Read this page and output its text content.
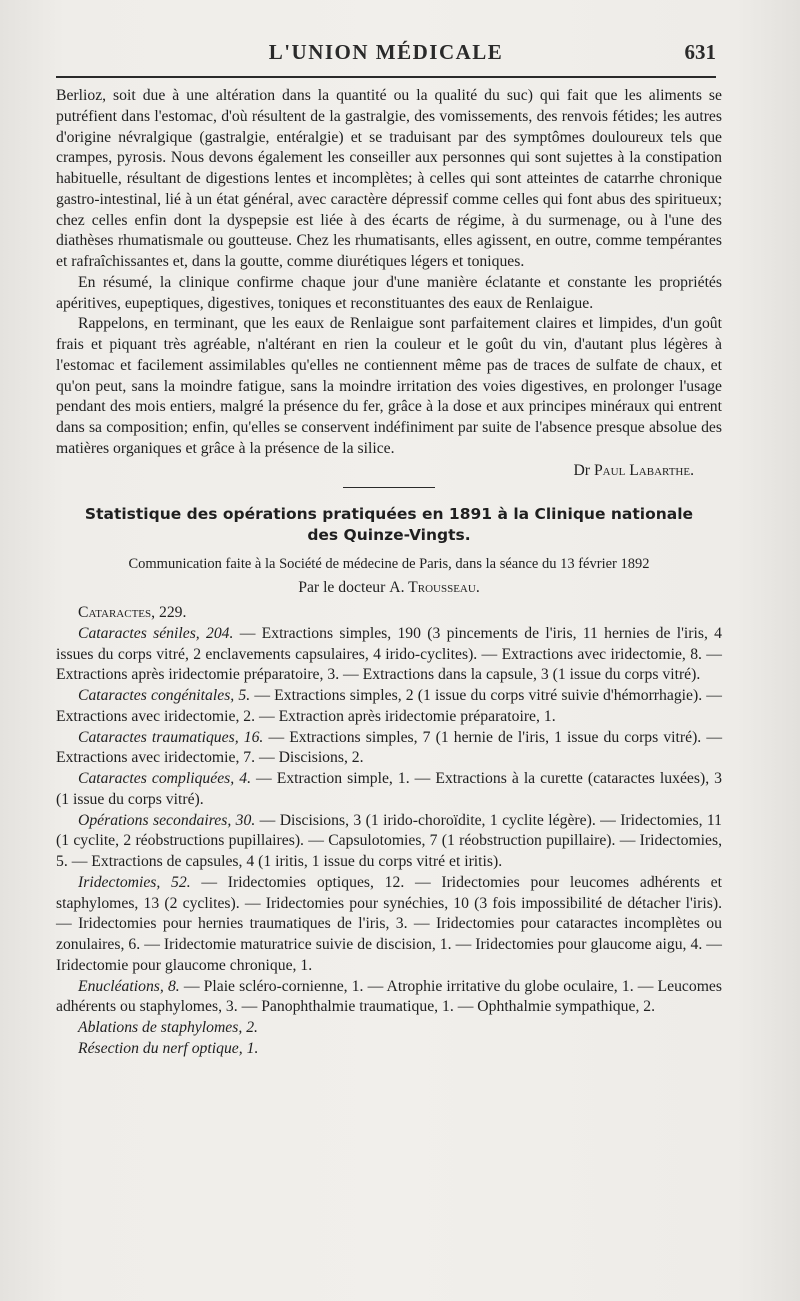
L'UNION MÉDICALE	631

Berlioz, soit due à une altération dans la quantité ou la qualité du suc) qui fait que les aliments se putréfient dans l'estomac, d'où résultent de la gastralgie, des vomissements, des renvois fétides; les autres d'origine névralgique (gastralgie, entéralgie) et se traduisant par des symptômes douloureux tels que crampes, pyrosis. Nous devons également les conseiller aux personnes qui sont sujettes à la constipation habituelle, résultant de digestions lentes et incomplètes; à celles qui sont atteintes de catarrhe chronique gastro-intestinal, lié à un état général, avec caractère dépressif comme celles qui font abus des spiritueux; chez celles enfin dont la dyspepsie est liée à des écarts de régime, à du surmenage, ou à l'une des diathèses rhumatismale ou goutteuse. Chez les rhumatisants, elles agissent, en outre, comme tempérantes et rafraîchissantes et, dans la goutte, comme diurétiques légers et toniques.

En résumé, la clinique confirme chaque jour d'une manière éclatante et constante les propriétés apéritives, eupeptiques, digestives, toniques et reconstituantes des eaux de Renlaigue.

Rappelons, en terminant, que les eaux de Renlaigue sont parfaitement claires et limpides, d'un goût frais et piquant très agréable, n'altérant en rien la couleur et le goût du vin, d'autant plus légères à l'estomac et facilement assimilables qu'elles ne contiennent même pas de traces de sulfate de chaux, et qu'on peut, sans la moindre fatigue, sans la moindre irritation des voies digestives, en prolonger l'usage pendant des mois entiers, malgré la présence du fer, grâce à la dose et aux principes minéraux qui entrent dans sa composition; enfin, qu'elles se conservent indéfiniment par suite de l'absence presque absolue des matières organiques et grâce à la présence de la silice.

Dr Paul Labarthe.
Statistique des opérations pratiquées en 1891 à la Clinique nationale
des Quinze-Vingts.
Communication faite à la Société de médecine de Paris, dans la séance du 13 février 1892
Par le docteur A. Trousseau.

Cataractes, 229.

Cataractes séniles, 204. — Extractions simples, 190 (3 pincements de l'iris, 11 hernies de l'iris, 4 issues du corps vitré, 2 enclavements capsulaires, 4 irido-cyclites). — Extractions avec iridectomie, 8. — Extractions après iridectomie préparatoire, 3. — Extractions dans la capsule, 3 (1 issue du corps vitré).

Cataractes congénitales, 5. — Extractions simples, 2 (1 issue du corps vitré suivie d'hémorrhagie). — Extractions avec iridectomie, 2. — Extraction après iridectomie préparatoire, 1.

Cataractes traumatiques, 16. — Extractions simples, 7 (1 hernie de l'iris, 1 issue du corps vitré). — Extractions avec iridectomie, 7. — Discisions, 2.

Cataractes compliquées, 4. — Extraction simple, 1. — Extractions à la curette (cataractes luxées), 3 (1 issue du corps vitré).

Opérations secondaires, 30. — Discisions, 3 (1 irido-choroïdite, 1 cyclite légère). — Iridectomies, 11 (1 cyclite, 2 réobstructions pupillaires). — Capsulotomies, 7 (1 réobstruction pupillaire). — Iridectomies, 5. — Extractions de capsules, 4 (1 iritis, 1 issue du corps vitré et iritis).

Iridectomies, 52. — Iridectomies optiques, 12. — Iridectomies pour leucomes adhérents et staphylomes, 13 (2 cyclites). — Iridectomies pour synéchies, 10 (3 fois impossibilité de détacher l'iris). — Iridectomies pour hernies traumatiques de l'iris, 3. — Iridectomies pour cataractes incomplètes ou zonulaires, 6. — Iridectomie maturatrice suivie de discision, 1. — Iridectomies pour glaucome aigu, 4. — Iridectomie pour glaucome chronique, 1.

Enucléations, 8. — Plaie scléro-cornienne, 1. — Atrophie irritative du globe oculaire, 1. — Leucomes adhérents ou staphylomes, 3. — Panophthalmie traumatique, 1. — Ophthalmie sympathique, 2.

Ablations de staphylomes, 2.

Résection du nerf optique, 1.
